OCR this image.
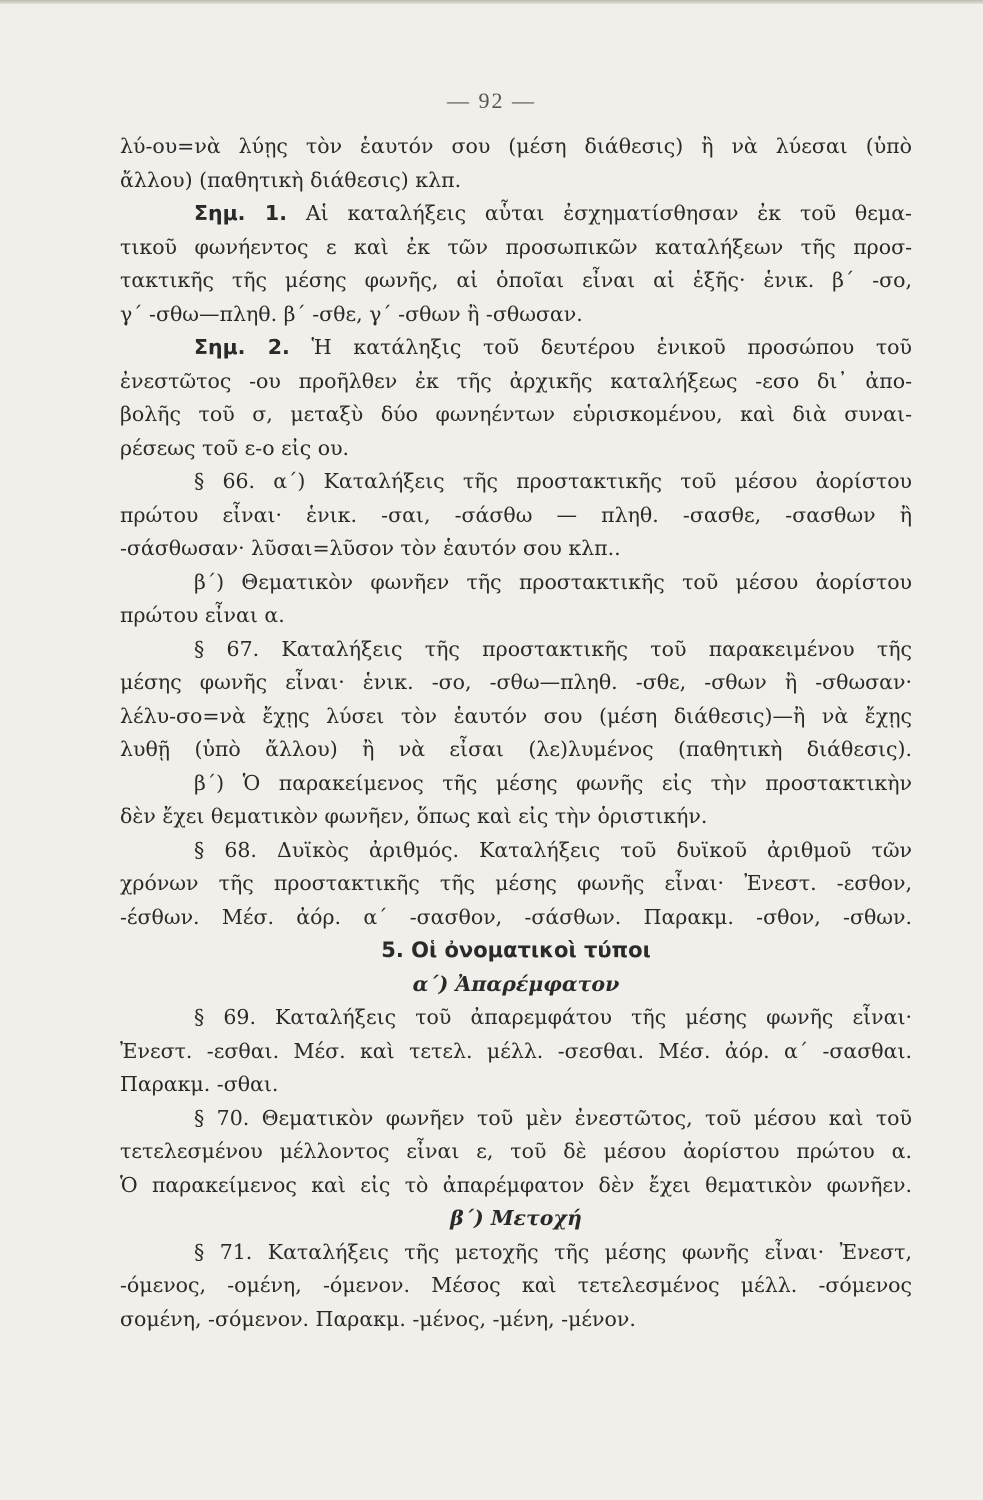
— 92 —
λύ-ου=νὰ λύῃς τὸν ἑαυτόν σου (μέση διάθεσις) ἢ νὰ λύεσαι (ὑπὸ
ἄλλου) (παθητικὴ διάθεσις) κλπ.
Σημ. 1. Αἱ καταλήξεις αὗται ἐσχηματίσθησαν ἐκ τοῦ θεμα-
τικοῦ φωνήεντος ε καὶ ἐκ τῶν προσωπικῶν καταλήξεων τῆς προσ-
τακτικῆς τῆς μέσης φωνῆς, αἱ ὁποῖαι εἶναι αἱ ἑξῆς· ἑνικ. β´ -σο,
γ´ -σθω—πληθ. β´ -σθε, γ´ -σθων ἢ -σθωσαν.
Σημ. 2. Ἡ κατάληξις τοῦ δευτέρου ἑνικοῦ προσώπου τοῦ
ἐνεστῶτος -ου προῆλθεν ἐκ τῆς ἀρχικῆς καταλήξεως -εσο δι᾽ ἀπο-
βολῆς τοῦ σ, μεταξὺ δύο φωνηέντων εὑρισκομένου, καὶ διὰ συναι-
ρέσεως τοῦ ε-ο εἰς ου.
§ 66. α´) Καταλήξεις τῆς προστακτικῆς τοῦ μέσου ἀορίστου
πρώτου εἶναι· ἑνικ. -σαι, -σάσθω — πληθ. -σασθε, -σασθων ἢ
-σάσθωσαν· λῦσαι=λῦσον τὸν ἑαυτόν σου κλπ..
β´) Θεματικὸν φωνῆεν τῆς προστακτικῆς τοῦ μέσου ἀορίστου
πρώτου εἶναι α.
§ 67. Καταλήξεις τῆς προστακτικῆς τοῦ παρακειμένου τῆς
μέσης φωνῆς εἶναι· ἑνικ. -σο, -σθω—πληθ. -σθε, -σθων ἢ -σθωσαν·
λέλυ-σο=νὰ ἔχῃς λύσει τὸν ἑαυτόν σου (μέση διάθεσις)—ἢ νὰ ἔχῃς
λυθῇ (ὑπὸ ἄλλου) ἢ νὰ εἶσαι (λε)λυμένος (παθητικὴ διάθεσις).
β´) Ὁ παρακείμενος τῆς μέσης φωνῆς εἰς τὴν προστακτικὴν
δὲν ἔχει θεματικὸν φωνῆεν, ὅπως καὶ εἰς τὴν ὁριστικήν.
§ 68. Δυϊκὸς ἀριθμός. Καταλήξεις τοῦ δυϊκοῦ ἀριθμοῦ τῶν
χρόνων τῆς προστακτικῆς τῆς μέσης φωνῆς εἶναι· Ἐνεστ. -εσθον,
-έσθων. Μέσ. ἀόρ. α´ -σασθον, -σάσθων. Παρακμ. -σθον, -σθων.
5. Οἱ ὀνοματικοὶ τύποι
α´) Ἀπαρέμφατον
§ 69. Καταλήξεις τοῦ ἀπαρεμφάτου τῆς μέσης φωνῆς εἶναι·
Ἐνεστ. -εσθαι. Μέσ. καὶ τετελ. μέλλ. -σεσθαι. Μέσ. ἀόρ. α´ -σασθαι.
Παρακμ. -σθαι.
§ 70. Θεματικὸν φωνῆεν τοῦ μὲν ἐνεστῶτος, τοῦ μέσου καὶ τοῦ
τετελεσμένου μέλλοντος εἶναι ε, τοῦ δὲ μέσου ἀορίστου πρώτου α.
Ὁ παρακείμενος καὶ εἰς τὸ ἀπαρέμφατον δὲν ἔχει θεματικὸν φωνῆεν.
β´) Μετοχή
§ 71. Καταλήξεις τῆς μετοχῆς τῆς μέσης φωνῆς εἶναι· Ἐνεστ,
-όμενος, -ομένη, -όμενον. Μέσος καὶ τετελεσμένος μέλλ. -σόμενος
σομένη, -σόμενον. Παρακμ. -μένος, -μένη, -μένον.
